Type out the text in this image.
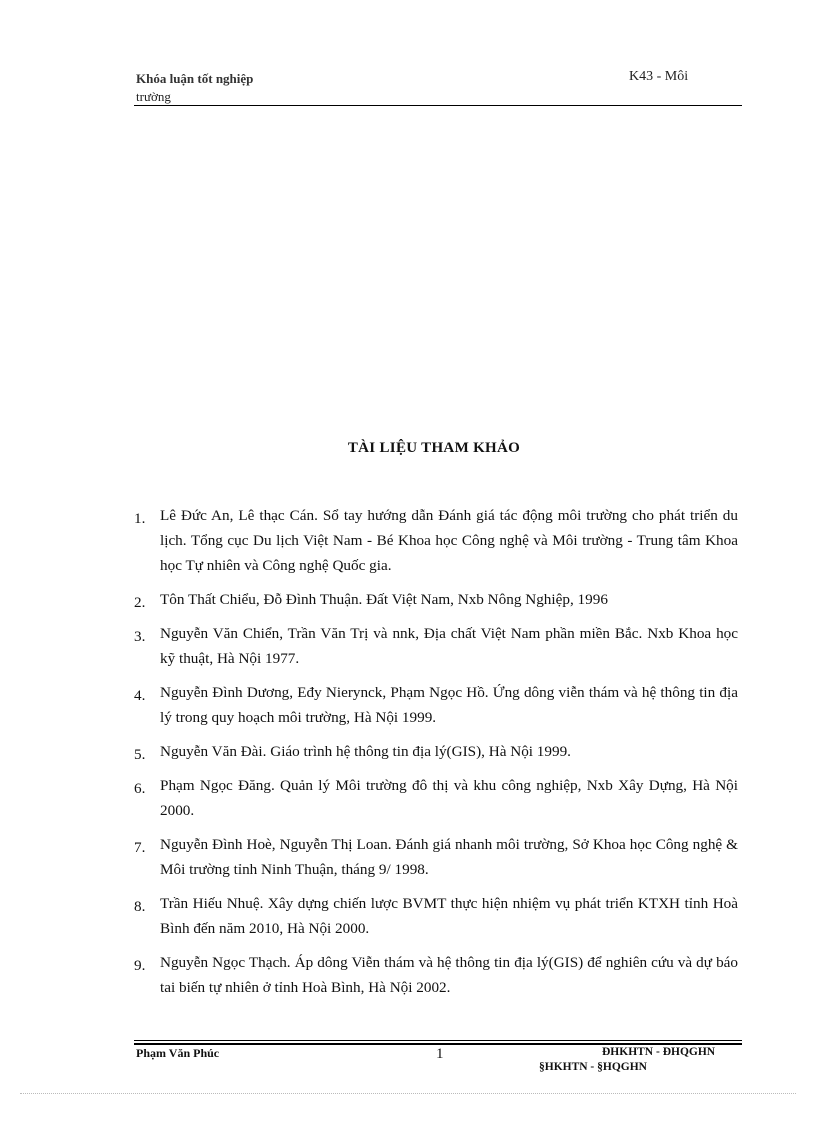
Khóa luận tốt nghiệp
trường
K43 - Môi
TÀI LIỆU THAM KHẢO
1. Lê Đức An, Lê thạc Cán. Sổ tay hướng dẫn Đánh giá tác động môi trường cho phát triển du lịch. Tổng cục Du lịch Việt Nam - Bé Khoa học Công nghệ và Môi trường - Trung tâm Khoa học Tự nhiên và Công nghệ Quốc gia.
2. Tôn Thất Chiểu, Đỗ Đình Thuận. Đất Việt Nam, Nxb Nông Nghiệp, 1996
3. Nguyễn Văn Chiển, Trần Văn Trị và nnk, Địa chất Việt Nam phần miền Bắc. Nxb Khoa học kỹ thuật, Hà Nội 1977.
4. Nguyễn Đình Dương, Eđy Nierynck, Phạm Ngọc Hồ. Ứng dông viễn thám và hệ thông tin địa lý trong quy hoạch môi trường, Hà Nội 1999.
5. Nguyễn Văn Đài. Giáo trình hệ thông tin địa lý(GIS), Hà Nội 1999.
6. Phạm Ngọc Đăng. Quản lý Môi trường đô thị và khu công nghiệp, Nxb Xây Dựng, Hà Nội 2000.
7. Nguyễn Đình Hoè, Nguyễn Thị Loan. Đánh giá nhanh môi trường, Sở Khoa học Công nghệ & Môi trường tỉnh Ninh Thuận, tháng 9/ 1998.
8. Trần Hiếu Nhuệ. Xây dựng chiến lược BVMT thực hiện nhiệm vụ phát triển KTXH tỉnh Hoà Bình đến năm 2010, Hà Nội 2000.
9. Nguyễn Ngọc Thạch. Áp dông Viễn thám và hệ thông tin địa lý(GIS) để nghiên cứu và dự báo tai biến tự nhiên ở tỉnh Hoà Bình, Hà Nội 2002.
Phạm Văn Phúc	1	ĐHKHTN - ĐHQGHN
§HKHTN - §HQGHN
